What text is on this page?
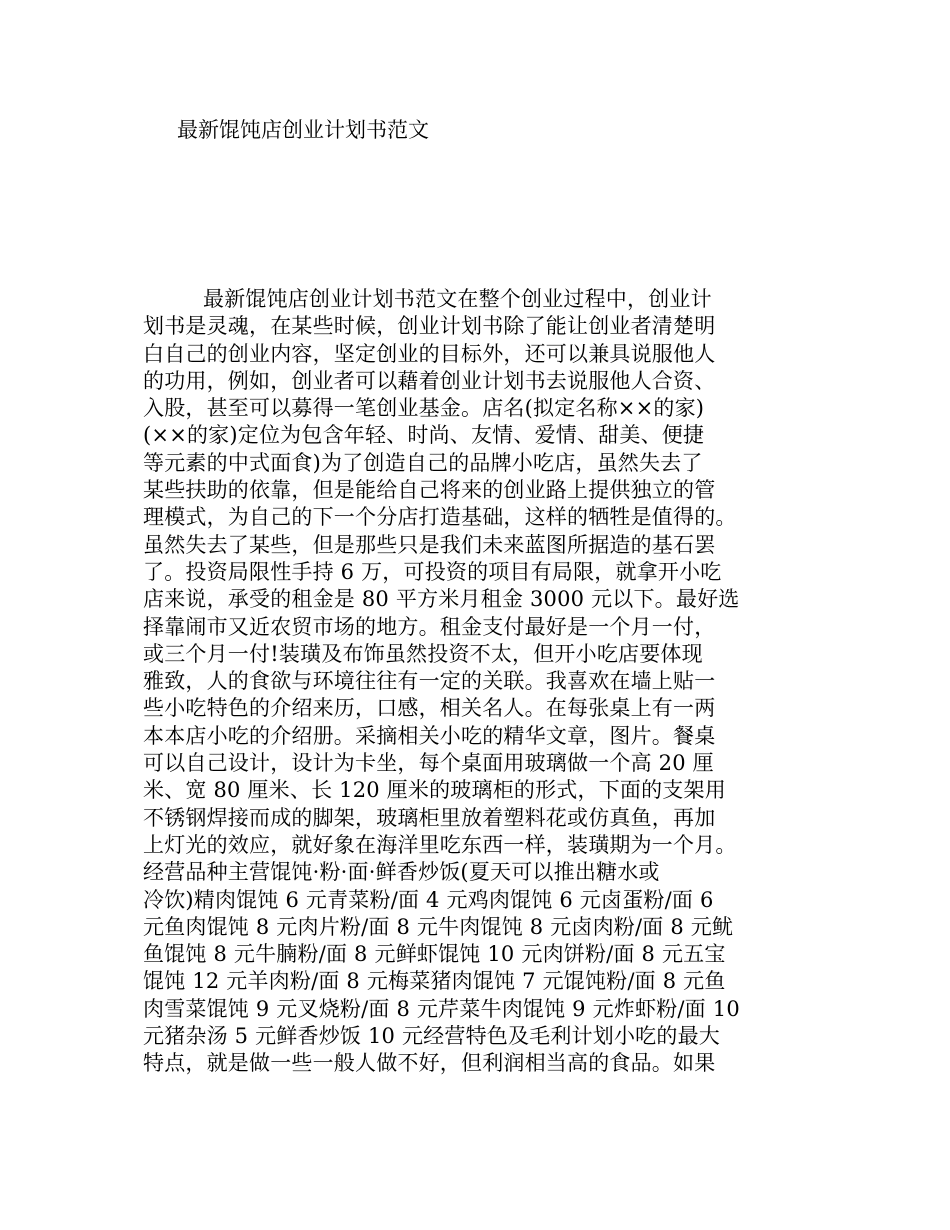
最新馄饨店创业计划书范文
最新馄饨店创业计划书范文在整个创业过程中，创业计
划书是灵魂，在某些时候，创业计划书除了能让创业者清楚明
白自己的创业内容，坚定创业的目标外，还可以兼具说服他人
的功用，例如，创业者可以藉着创业计划书去说服他人合资、
入股，甚至可以募得一笔创业基金。店名(拟定名称××的家)
(××的家)定位为包含年轻、时尚、友情、爱情、甜美、便捷
等元素的中式面食)为了创造自己的品牌小吃店，虽然失去了
某些扶助的依靠，但是能给自己将来的创业路上提供独立的管
理模式，为自己的下一个分店打造基础，这样的牺牲是值得的。
虽然失去了某些，但是那些只是我们未来蓝图所据造的基石罢
了。投资局限性手持 6 万，可投资的项目有局限，就拿开小吃
店来说，承受的租金是 80 平方米月租金 3000 元以下。最好选
择靠闹市又近农贸市场的地方。租金支付最好是一个月一付，
或三个月一付!装璜及布饰虽然投资不太，但开小吃店要体现
雅致，人的食欲与环境往往有一定的关联。我喜欢在墙上贴一
些小吃特色的介绍来历，口感，相关名人。在每张桌上有一两
本本店小吃的介绍册。采摘相关小吃的精华文章，图片。餐桌
可以自己设计，设计为卡坐，每个桌面用玻璃做一个高 20 厘
米、宽 80 厘米、长 120 厘米的玻璃柜的形式，下面的支架用
不锈钢焊接而成的脚架，玻璃柜里放着塑料花或仿真鱼，再加
上灯光的效应，就好象在海洋里吃东西一样，装璜期为一个月。
经营品种主营馄饨·粉·面·鲜香炒饭(夏天可以推出糖水或
冷饮)精肉馄饨 6 元青菜粉/面 4 元鸡肉馄饨 6 元卤蛋粉/面 6
元鱼肉馄饨 8 元肉片粉/面 8 元牛肉馄饨 8 元卤肉粉/面 8 元鱿
鱼馄饨 8 元牛腩粉/面 8 元鲜虾馄饨 10 元肉饼粉/面 8 元五宝
馄饨 12 元羊肉粉/面 8 元梅菜猪肉馄饨 7 元馄饨粉/面 8 元鱼
肉雪菜馄饨 9 元叉烧粉/面 8 元芹菜牛肉馄饨 9 元炸虾粉/面 10
元猪杂汤 5 元鲜香炒饭 10 元经营特色及毛利计划小吃的最大
特点，就是做一些一般人做不好，但利润相当高的食品。如果
